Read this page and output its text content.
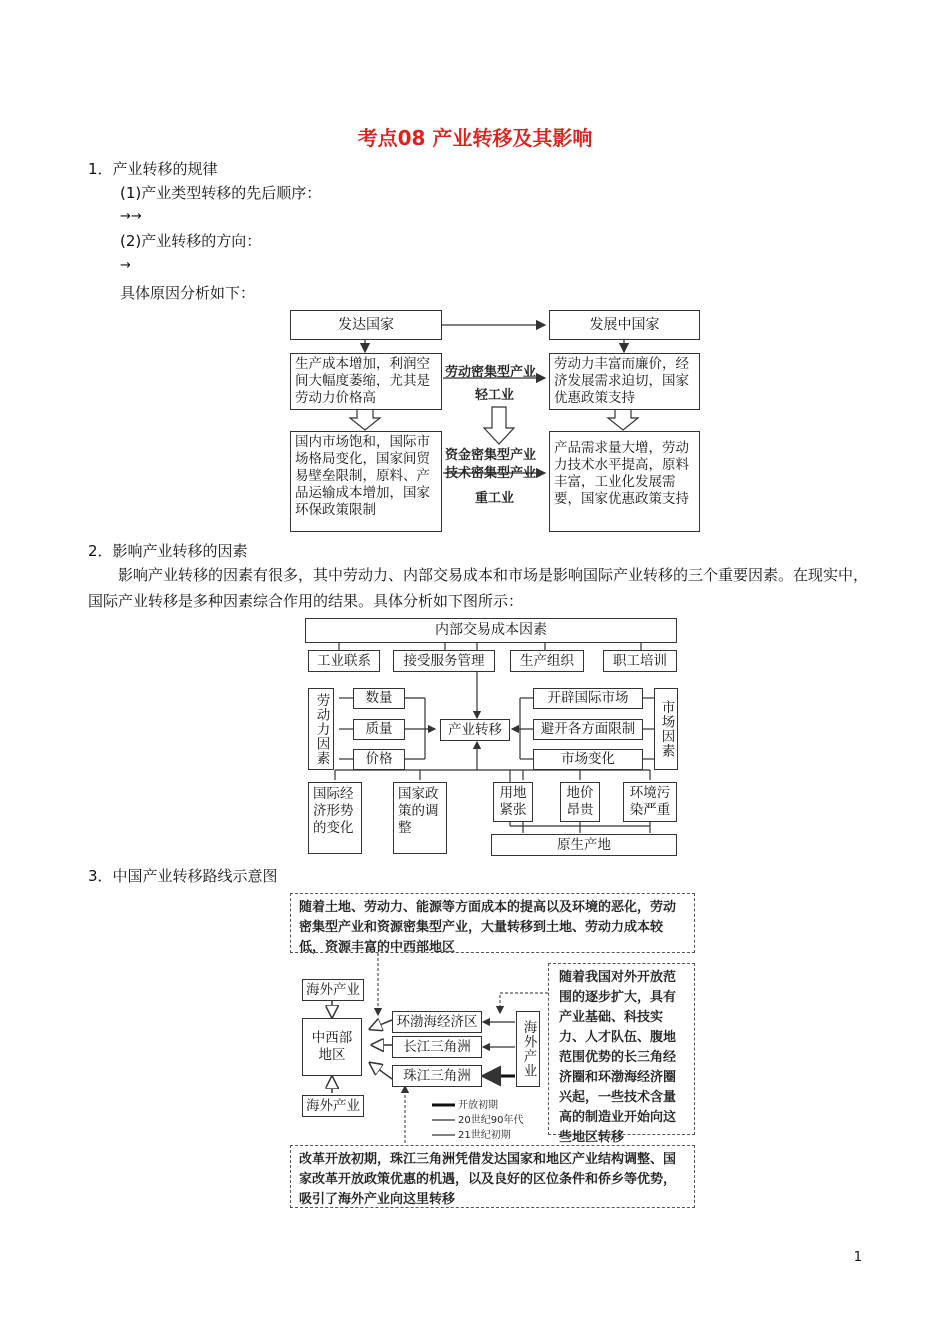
考点08 产业转移及其影响
1．产业转移的规律
(1)产业类型转移的先后顺序：
→→
(2)产业转移的方向：
→
具体原因分析如下：
发达国家	发展中国家
生产成本增加，利润空间大幅度萎缩，尤其是劳动力价格高
国内市场饱和，国际市场格局变化，国家间贸易壁垒限制，原料、产品运输成本增加，国家环保政策限制
劳动力丰富而廉价，经济发展需求迫切，国家优惠政策支持
产品需求量大增，劳动力技术水平提高，原料丰富，工业化发展需要，国家优惠政策支持
劳动密集型产业
轻工业
资金密集型产业
技术密集型产业
重工业
2．影响产业转移的因素
影响产业转移的因素有很多，其中劳动力、内部交易成本和市场是影响国际产业转移的三个重要因素。在现实中，国际产业转移是多种因素综合作用的结果。具体分析如下图所示：
内部交易成本因素
工业联系	接受服务管理	生产组织	职工培训
劳动力因素	数量
质量
价格
产业转移
开辟国际市场
避开各方面限制
市场变化
市场因素
国际经济形势的变化
国家政策的调整
用地紧张
地价昂贵
环境污染严重
原生产地
3．中国产业转移路线示意图
随着土地、劳动力、能源等方面成本的提高以及环境的恶化，劳动密集型产业和资源密集型产业，大量转移到土地、劳动力成本较低，资源丰富的中西部地区
海外产业
中西部地区
海外产业
环渤海经济区
长江三角洲
珠江三角洲	海外产业
随着我国对外开放范围的逐步扩大，具有产业基础、科技实力、人才队伍、腹地范围优势的长三角经济圈和环渤海经济圈兴起，一些技术含量高的制造业开始向这些地区转移
开放初期
20世纪90年代
21世纪初期
改革开放初期，珠江三角洲凭借发达国家和地区产业结构调整、国家改革开放政策优惠的机遇，以及良好的区位条件和侨乡等优势，吸引了海外产业向这里转移
1
